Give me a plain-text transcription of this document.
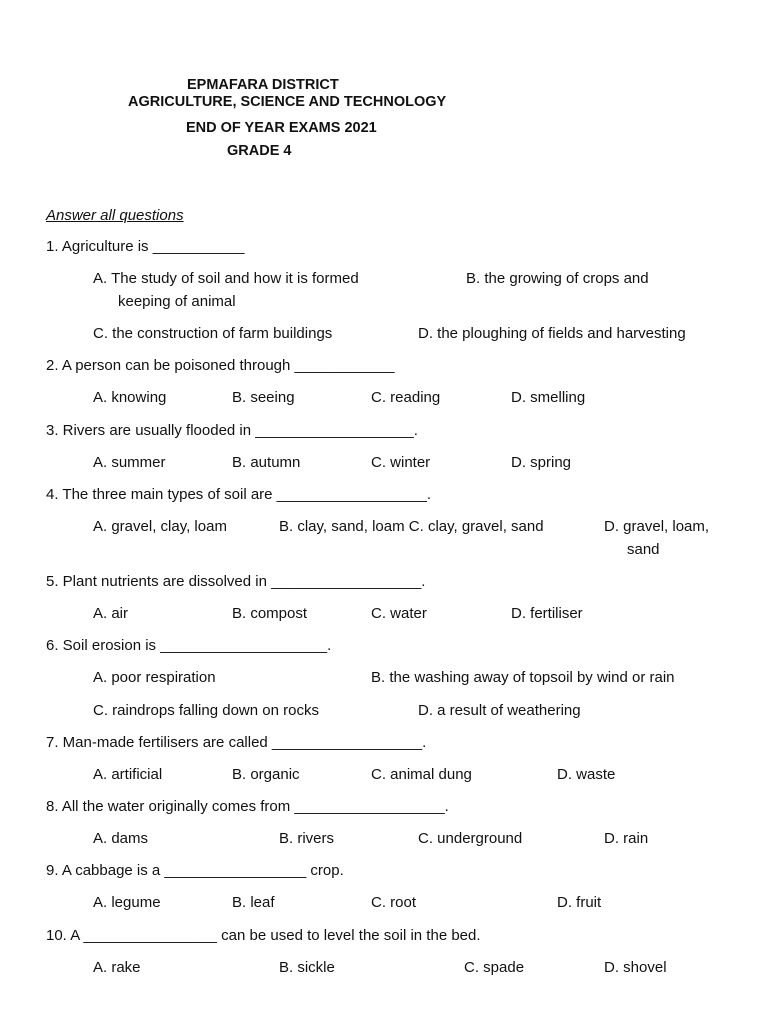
EPMAFARA DISTRICT
AGRICULTURE, SCIENCE AND TECHNOLOGY
END OF YEAR EXAMS 2021
GRADE 4
Answer all questions
1. Agriculture is ___________
A. The study of soil and how it is formed	B. the growing of crops and
keeping of animal
C. the construction of farm buildings	D. the ploughing of fields and harvesting
2. A person can be poisoned through ____________
A. knowing	B. seeing	C. reading	D. smelling
3. Rivers are usually flooded in ___________________.
A. summer	B. autumn	C. winter	D. spring
4. The three main types of soil are __________________.
A. gravel, clay, loam	B. clay, sand, loam C. clay, gravel, sand	D. gravel, loam,
sand
5. Plant nutrients are dissolved in __________________.
A. air	B. compost	C. water	D. fertiliser
6. Soil erosion is ____________________.
A. poor respiration	B. the washing away of topsoil by wind or rain
C. raindrops falling down on rocks	D. a result of weathering
7. Man-made fertilisers are called __________________.
A. artificial	B. organic	C. animal dung	D. waste
8. All the water originally comes from __________________.
A. dams	B. rivers	C. underground	D. rain
9. A cabbage is a _________________ crop.
A. legume	B. leaf	C. root	D. fruit
10. A ________________ can be used to level the soil in the bed.
A. rake	B. sickle	C. spade	D. shovel
